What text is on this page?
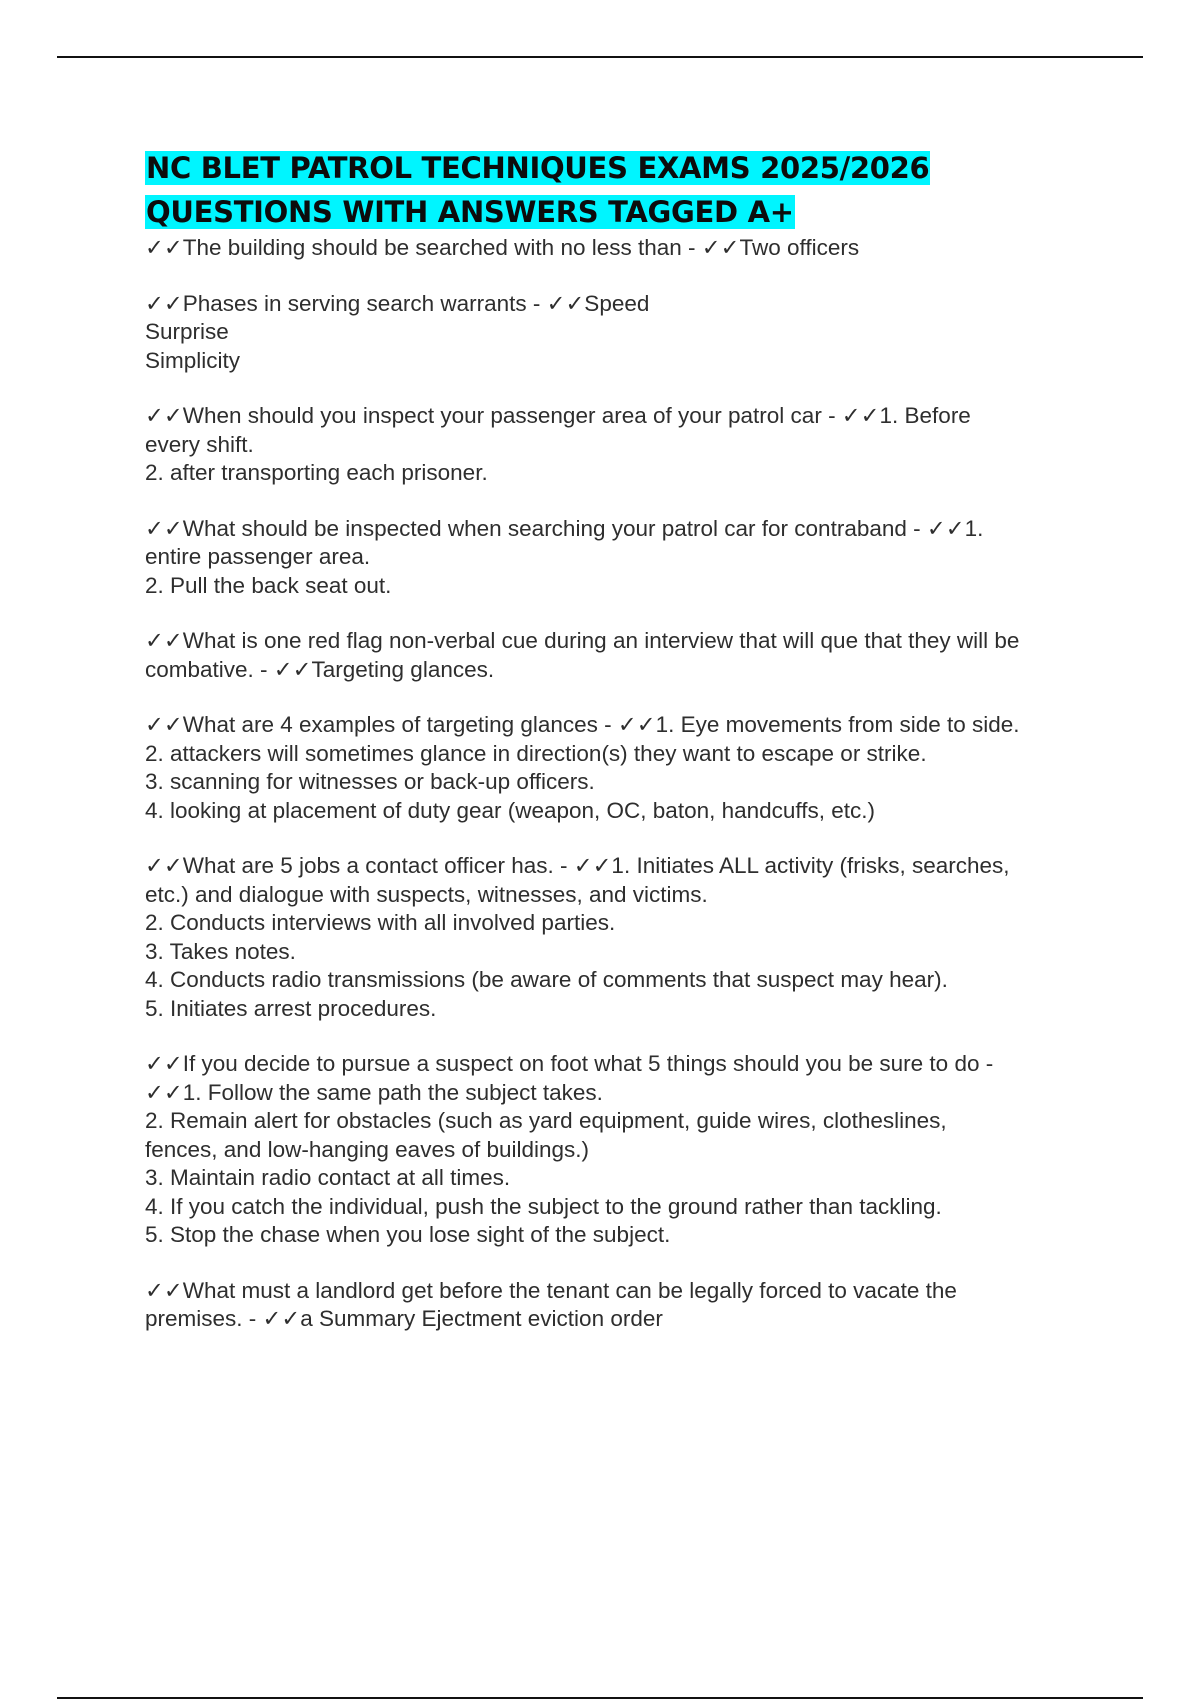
NC BLET PATROL TECHNIQUES EXAMS 2025/2026
QUESTIONS WITH ANSWERS TAGGED A+
✓✓The building should be searched with no less than - ✓✓Two officers
✓✓Phases in serving search warrants - ✓✓Speed
Surprise
Simplicity
✓✓When should you inspect your passenger area of your patrol car - ✓✓1. Before
every shift.
2. after transporting each prisoner.
✓✓What should be inspected when searching your patrol car for contraband - ✓✓1.
entire passenger area.
2. Pull the back seat out.
✓✓What is one red flag non-verbal cue during an interview that will que that they will be
combative. - ✓✓Targeting glances.
✓✓What are 4 examples of targeting glances - ✓✓1. Eye movements from side to side.
2. attackers will sometimes glance in direction(s) they want to escape or strike.
3. scanning for witnesses or back-up officers.
4. looking at placement of duty gear (weapon, OC, baton, handcuffs, etc.)
✓✓What are 5 jobs a contact officer has. - ✓✓1. Initiates ALL activity (frisks, searches,
etc.) and dialogue with suspects, witnesses, and victims.
2. Conducts interviews with all involved parties.
3. Takes notes.
4. Conducts radio transmissions (be aware of comments that suspect may hear).
5. Initiates arrest procedures.
✓✓If you decide to pursue a suspect on foot what 5 things should you be sure to do -
✓✓1. Follow the same path the subject takes.
2. Remain alert for obstacles (such as yard equipment, guide wires, clotheslines,
fences, and low-hanging eaves of buildings.)
3. Maintain radio contact at all times.
4. If you catch the individual, push the subject to the ground rather than tackling.
5. Stop the chase when you lose sight of the subject.
✓✓What must a landlord get before the tenant can be legally forced to vacate the
premises. - ✓✓a Summary Ejectment eviction order
